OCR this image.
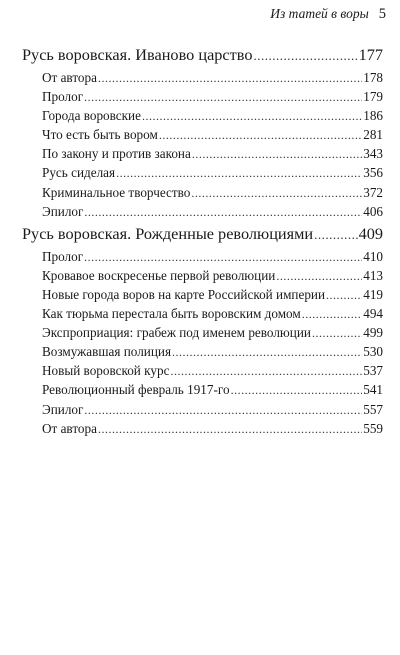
Из татей в воры 5
Русь воровская. Иваново царство .....	177
От автора .....	178
Пролог .....	179
Города воровские .....	186
Что есть быть вором .....	281
По закону и против закона .....	343
Русь сиделая .....	356
Криминальное творчество .....	372
Эпилог .....	406
Русь воровская. Рожденные революциями .....	409
Пролог .....	410
Кровавое воскресенье первой революции .....	413
Новые города воров на карте Российской империи .....	419
Как тюрьма перестала быть воровским домом .....	494
Экспроприация: грабеж под именем революции .....	499
Возмужавшая полиция .....	530
Новый воровской курс .....	537
Революционный февраль 1917-го .....	541
Эпилог .....	557
От автора .....	559
